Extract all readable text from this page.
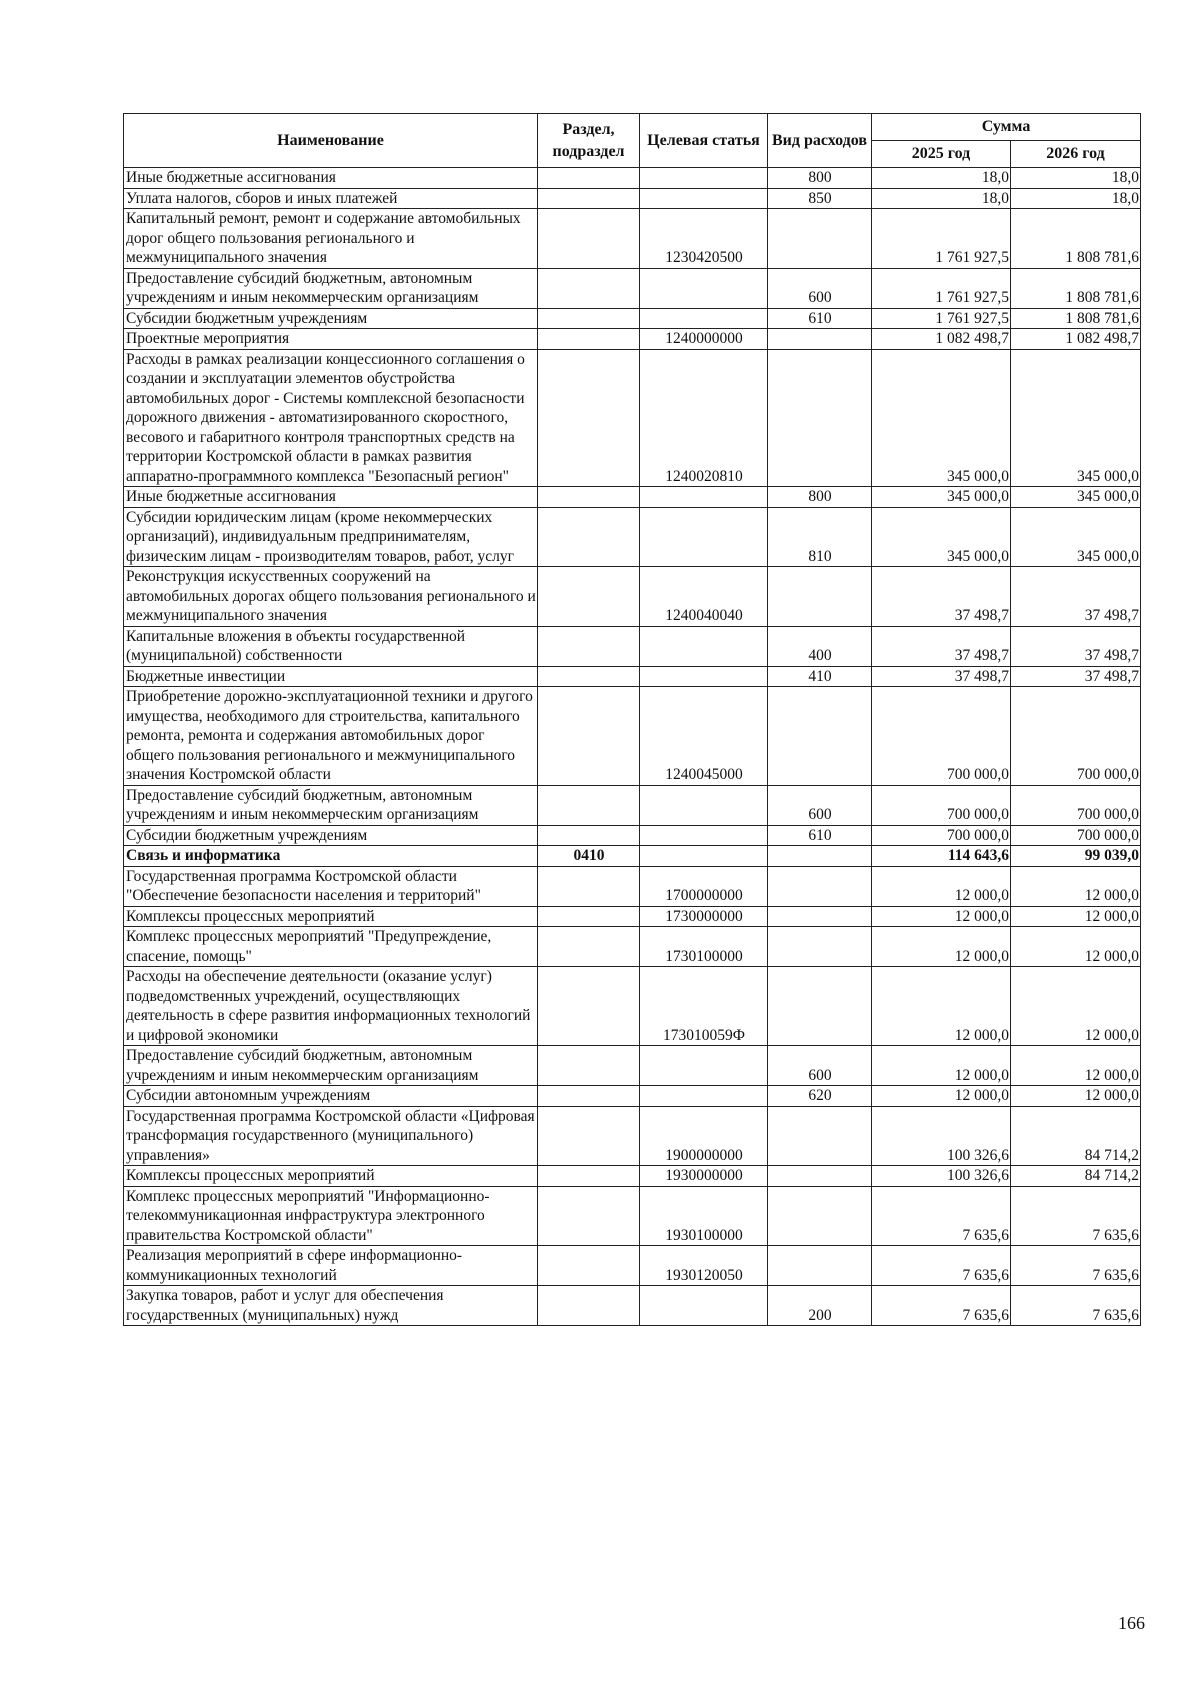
Наименование	Раздел, подраздел	Целевая статья	Вид расходов	Сумма	
				2025 год	2026 год
Иные бюджетные ассигнования			800	18,0	18,0
Уплата налогов, сборов и иных платежей			850	18,0	18,0
Капитальный ремонт, ремонт и содержание автомобильных дорог общего пользования регионального и межмуниципального значения		1230420500		1 761 927,5	1 808 781,6
Предоставление субсидий бюджетным, автономным учреждениям и иным некоммерческим организациям			600	1 761 927,5	1 808 781,6
Субсидии бюджетным учреждениям			610	1 761 927,5	1 808 781,6
Проектные мероприятия		1240000000		1 082 498,7	1 082 498,7
Расходы в рамках реализации концессионного соглашения о создании и эксплуатации элементов обустройства автомобильных дорог - Системы комплексной безопасности дорожного движения - автоматизированного скоростного, весового и габаритного контроля транспортных средств на территории Костромской области в рамках развития аппаратно-программного комплекса "Безопасный регион"		1240020810		345 000,0	345 000,0
Иные бюджетные ассигнования			800	345 000,0	345 000,0
Субсидии юридическим лицам (кроме некоммерческих организаций), индивидуальным предпринимателям, физическим лицам - производителям товаров, работ, услуг			810	345 000,0	345 000,0
Реконструкция искусственных сооружений на автомобильных дорогах общего пользования регионального и межмуниципального значения		1240040040		37 498,7	37 498,7
Капитальные вложения в объекты государственной (муниципальной) собственности			400	37 498,7	37 498,7
Бюджетные инвестиции			410	37 498,7	37 498,7
Приобретение дорожно-эксплуатационной техники и другого имущества, необходимого для строительства, капитального ремонта, ремонта и содержания автомобильных дорог общего пользования регионального и межмуниципального значения Костромской области		1240045000		700 000,0	700 000,0
Предоставление субсидий бюджетным, автономным учреждениям и иным некоммерческим организациям			600	700 000,0	700 000,0
Субсидии бюджетным учреждениям			610	700 000,0	700 000,0
Связь и информатика	0410			114 643,6	99 039,0
Государственная программа Костромской области "Обеспечение безопасности населения и территорий"		1700000000		12 000,0	12 000,0
Комплексы процессных мероприятий		1730000000		12 000,0	12 000,0
Комплекс процессных мероприятий "Предупреждение, спасение, помощь"		1730100000		12 000,0	12 000,0
Расходы на обеспечение деятельности (оказание услуг) подведомственных учреждений, осуществляющих деятельность в сфере развития информационных технологий и цифровой экономики		173010059Ф		12 000,0	12 000,0
Предоставление субсидий бюджетным, автономным учреждениям и иным некоммерческим организациям			600	12 000,0	12 000,0
Субсидии автономным учреждениям			620	12 000,0	12 000,0
Государственная программа Костромской области «Цифровая трансформация государственного (муниципального) управления»		1900000000		100 326,6	84 714,2
Комплексы процессных мероприятий		1930000000		100 326,6	84 714,2
Комплекс процессных мероприятий "Информационно-телекоммуникационная инфраструктура электронного правительства Костромской области"		1930100000		7 635,6	7 635,6
Реализация мероприятий в сфере информационно-коммуникационных технологий		1930120050		7 635,6	7 635,6
Закупка товаров, работ и услуг для обеспечения государственных (муниципальных) нужд			200	7 635,6	7 635,6
166
